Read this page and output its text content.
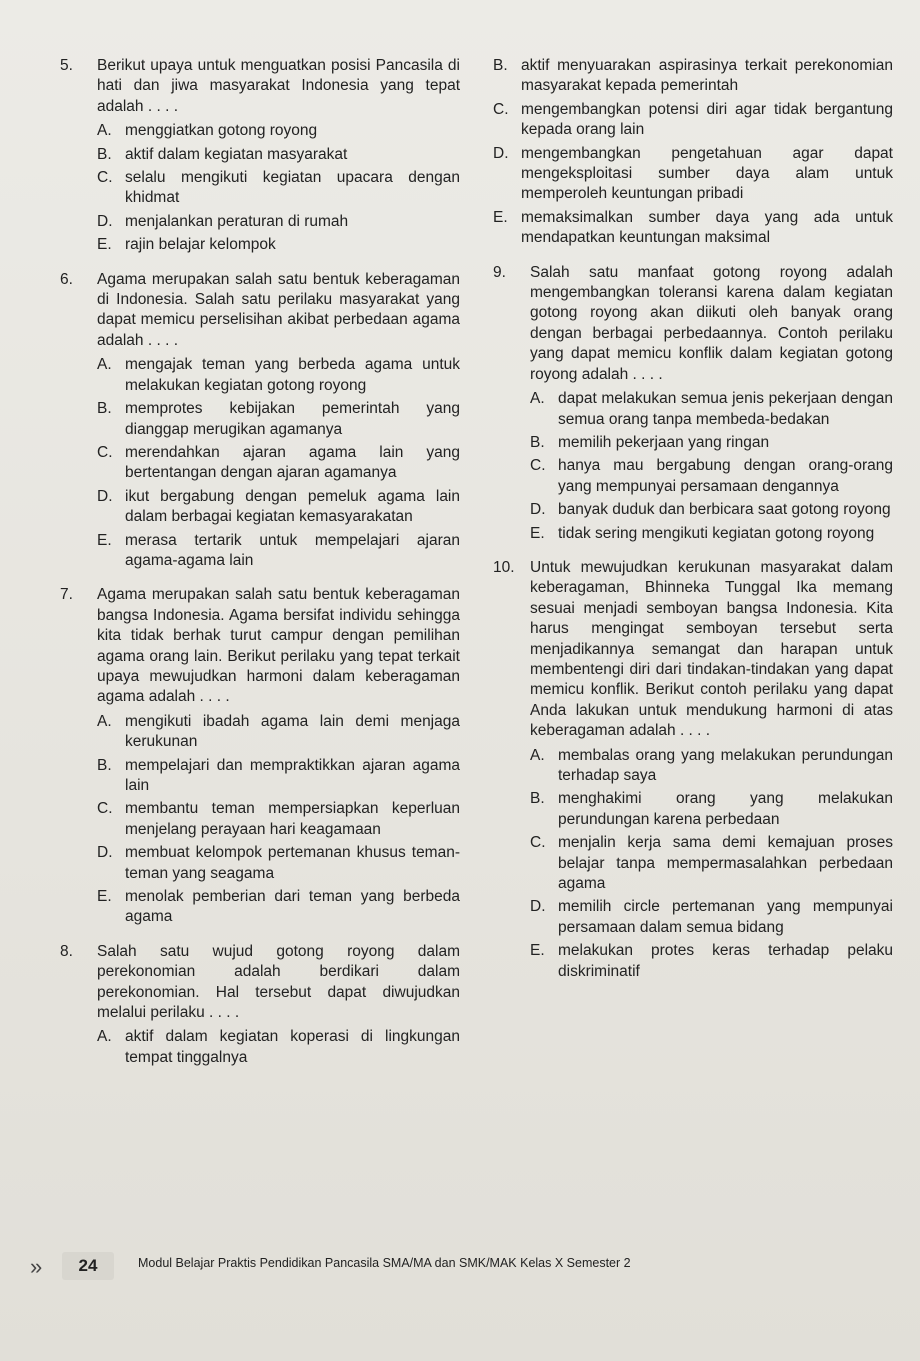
5.	Berikut upaya untuk menguatkan posisi Pancasila di hati dan jiwa masyarakat Indonesia yang tepat adalah . . . .
A. menggiatkan gotong royong
B. aktif dalam kegiatan masyarakat
C. selalu mengikuti kegiatan upacara dengan khidmat
D. menjalankan peraturan di rumah
E. rajin belajar kelompok
6.	Agama merupakan salah satu bentuk keberagaman di Indonesia. Salah satu perilaku masyarakat yang dapat memicu perselisihan akibat perbedaan agama adalah . . . .
A. mengajak teman yang berbeda agama untuk melakukan kegiatan gotong royong
B. memprotes kebijakan pemerintah yang dianggap merugikan agamanya
C. merendahkan ajaran agama lain yang bertentangan dengan ajaran agamanya
D. ikut bergabung dengan pemeluk agama lain dalam berbagai kegiatan kemasyarakatan
E. merasa tertarik untuk mempelajari ajaran agama-agama lain
7.	Agama merupakan salah satu bentuk keberagaman bangsa Indonesia. Agama bersifat individu sehingga kita tidak berhak turut campur dengan pemilihan agama orang lain. Berikut perilaku yang tepat terkait upaya mewujudkan harmoni dalam keberagaman agama adalah . . . .
A. mengikuti ibadah agama lain demi menjaga kerukunan
B. mempelajari dan mempraktikkan ajaran agama lain
C. membantu teman mempersiapkan keperluan menjelang perayaan hari keagamaan
D. membuat kelompok pertemanan khusus teman-teman yang seagama
E. menolak pemberian dari teman yang berbeda agama
8.	Salah satu wujud gotong royong dalam perekonomian adalah berdikari dalam perekonomian. Hal tersebut dapat diwujudkan melalui perilaku . . . .
A. aktif dalam kegiatan koperasi di lingkungan tempat tinggalnya
B. aktif menyuarakan aspirasinya terkait perekonomian masyarakat kepada pemerintah
C. mengembangkan potensi diri agar tidak bergantung kepada orang lain
D. mengembangkan pengetahuan agar dapat mengeksploitasi sumber daya alam untuk memperoleh keuntungan pribadi
E. memaksimalkan sumber daya yang ada untuk mendapatkan keuntungan maksimal
9.	Salah satu manfaat gotong royong adalah mengembangkan toleransi karena dalam kegiatan gotong royong akan diikuti oleh banyak orang dengan berbagai perbedaannya. Contoh perilaku yang dapat memicu konflik dalam kegiatan gotong royong adalah . . . .
A. dapat melakukan semua jenis pekerjaan dengan semua orang tanpa membeda-bedakan
B. memilih pekerjaan yang ringan
C. hanya mau bergabung dengan orang-orang yang mempunyai persamaan dengannya
D. banyak duduk dan berbicara saat gotong royong
E. tidak sering mengikuti kegiatan gotong royong
10. Untuk mewujudkan kerukunan masyarakat dalam keberagaman, Bhinneka Tunggal Ika memang sesuai menjadi semboyan bangsa Indonesia. Kita harus mengingat semboyan tersebut serta menjadikannya semangat dan harapan untuk membentengi diri dari tindakan-tindakan yang dapat memicu konflik. Berikut contoh perilaku yang dapat Anda lakukan untuk mendukung harmoni di atas keberagaman adalah . . . .
A. membalas orang yang melakukan perundungan terhadap saya
B. menghakimi orang yang melakukan perundungan karena perbedaan
C. menjalin kerja sama demi kemajuan proses belajar tanpa mempermasalahkan perbedaan agama
D. memilih circle pertemanan yang mempunyai persamaan dalam semua bidang
E. melakukan protes keras terhadap pelaku diskriminatif
»	24	Modul Belajar Praktis Pendidikan Pancasila SMA/MA dan SMK/MAK Kelas X Semester 2
